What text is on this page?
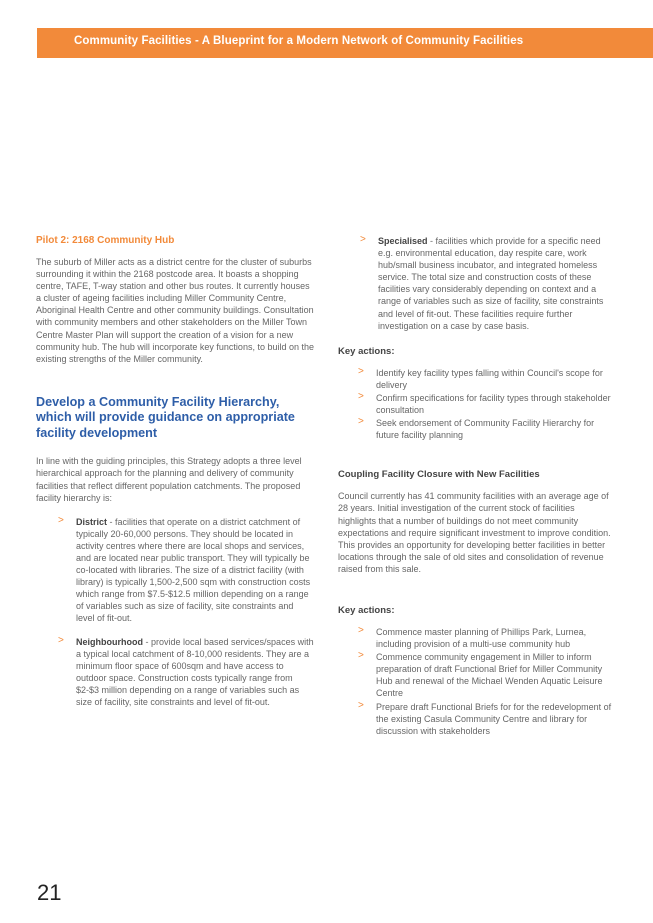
Community Facilities - A Blueprint for a Modern Network of Community Facilities
Pilot 2: 2168 Community Hub

The suburb of Miller acts as a district centre for the cluster of suburbs surrounding it within the 2168 postcode area. It boasts a shopping centre, TAFE, T-way station and other bus routes. It currently houses a cluster of ageing facilities including Miller Community Centre, Aboriginal Health Centre and other community buildings. Consultation with community members and other stakeholders on the Miller Town Centre Master Plan will support the creation of a vision for a new community hub. The hub will incorporate key functions, to build on the existing strengths of the Miller community.

Develop a Community Facility Hierarchy, which will provide guidance on appropriate facility development

In line with the guiding principles, this Strategy adopts a three level hierarchical approach for the planning and delivery of community facilities that reflect different population catchments. The proposed facility hierarchy is:

> District - facilities that operate on a district catchment of typically 20-60,000 persons. They should be located in activity centres where there are local shops and services, and are located near public transport. They will typically be co-located with libraries. The size of a district facility (with library) is typically 1,500-2,500 sqm with construction costs which range from $7.5-$12.5 million depending on a range of variables such as size of facility, site constraints and level of fit-out.

> Neighbourhood - provide local based services/spaces with a typical local catchment of 8-10,000 residents. They are a minimum floor space of 600sqm and have access to outdoor space. Construction costs typically range from $2-$3 million depending on a range of variables such as size of facility, site constraints and level of fit-out.

> Specialised - facilities which provide for a specific need e.g. environmental education, day respite care, work hub/small business incubator, and integrated homeless service. The total size and construction costs of these facilities vary considerably depending on context and a range of variables such as size of facility, site constraints and level of fit-out. These facilities require further investigation on a case by case basis.

Key actions:
> Identify key facility types falling within Council's scope for delivery

> Confirm specifications for facility types through stakeholder consultation

> Seek endorsement of Community Facility Hierarchy for future facility planning

Coupling Facility Closure with New Facilities

Council currently has 41 community facilities with an average age of 28 years. Initial investigation of the current stock of facilities highlights that a number of buildings do not meet community expectations and require significant investment to improve condition. This provides an opportunity for developing better facilities in better locations through the sale of old sites and consolidation of revenue raised from this sale.

Key actions:
> Commence master planning of Phillips Park, Lurnea, including provision of a multi-use community hub

> Commence community engagement in Miller to inform preparation of draft Functional Brief for Miller Community Hub and renewal of the Michael Wenden Aquatic Leisure Centre

> Prepare draft Functional Briefs for for the redevelopment of the existing Casula Community Centre and library for discussion with stakeholders

21
